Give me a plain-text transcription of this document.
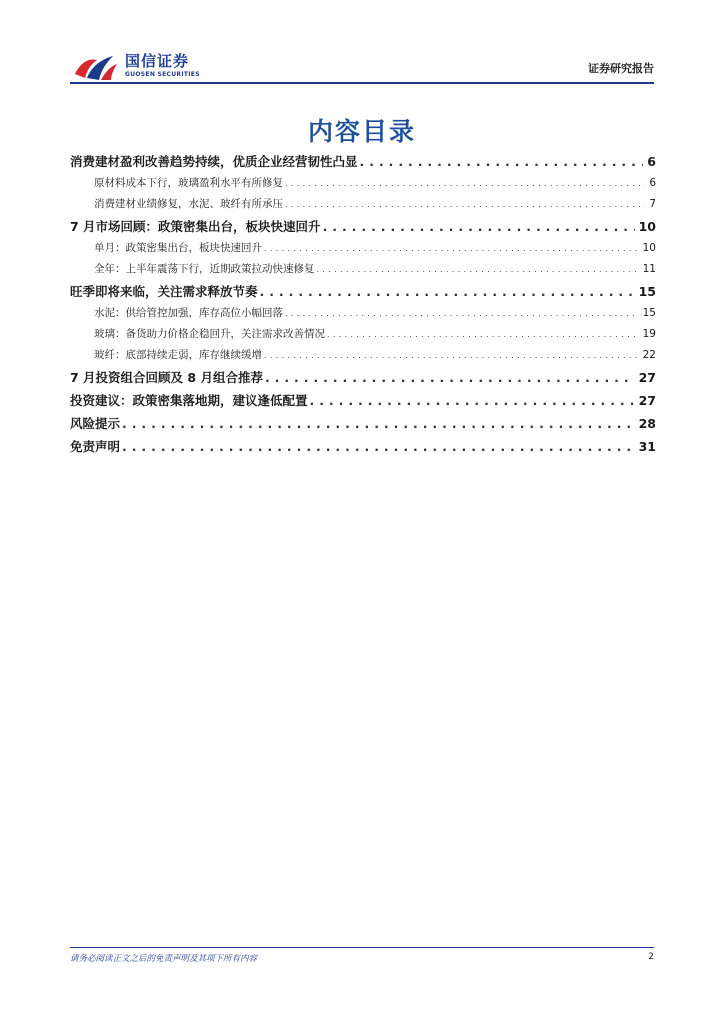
国信证券
GUOSEN SECURITIES	证券研究报告
内容目录
消费建材盈利改善趋势持续，优质企业经营韧性凸显 . . .	6
原材料成本下行，玻璃盈利水平有所修复 . . .	6
消费建材业绩修复，水泥、玻纤有所承压 . . .	7
7 月市场回顾：政策密集出台，板块快速回升 . . .	10
单月：政策密集出台，板块快速回升 . . .	10
全年：上半年震荡下行，近期政策拉动快速修复 . . .	11
旺季即将来临，关注需求释放节奏 . . .	15
水泥：供给管控加强，库存高位小幅回落 . . .	15
玻璃：备货助力价格企稳回升，关注需求改善情况 . . .	19
玻纤：底部持续走弱，库存继续缓增 . . .	22
7 月投资组合回顾及 8 月组合推荐 . . .	27
投资建议：政策密集落地期，建议逢低配置 . . .	27
风险提示 . . .	28
免责声明 . . .	31
请务必阅读正文之后的免责声明及其项下所有内容	2
